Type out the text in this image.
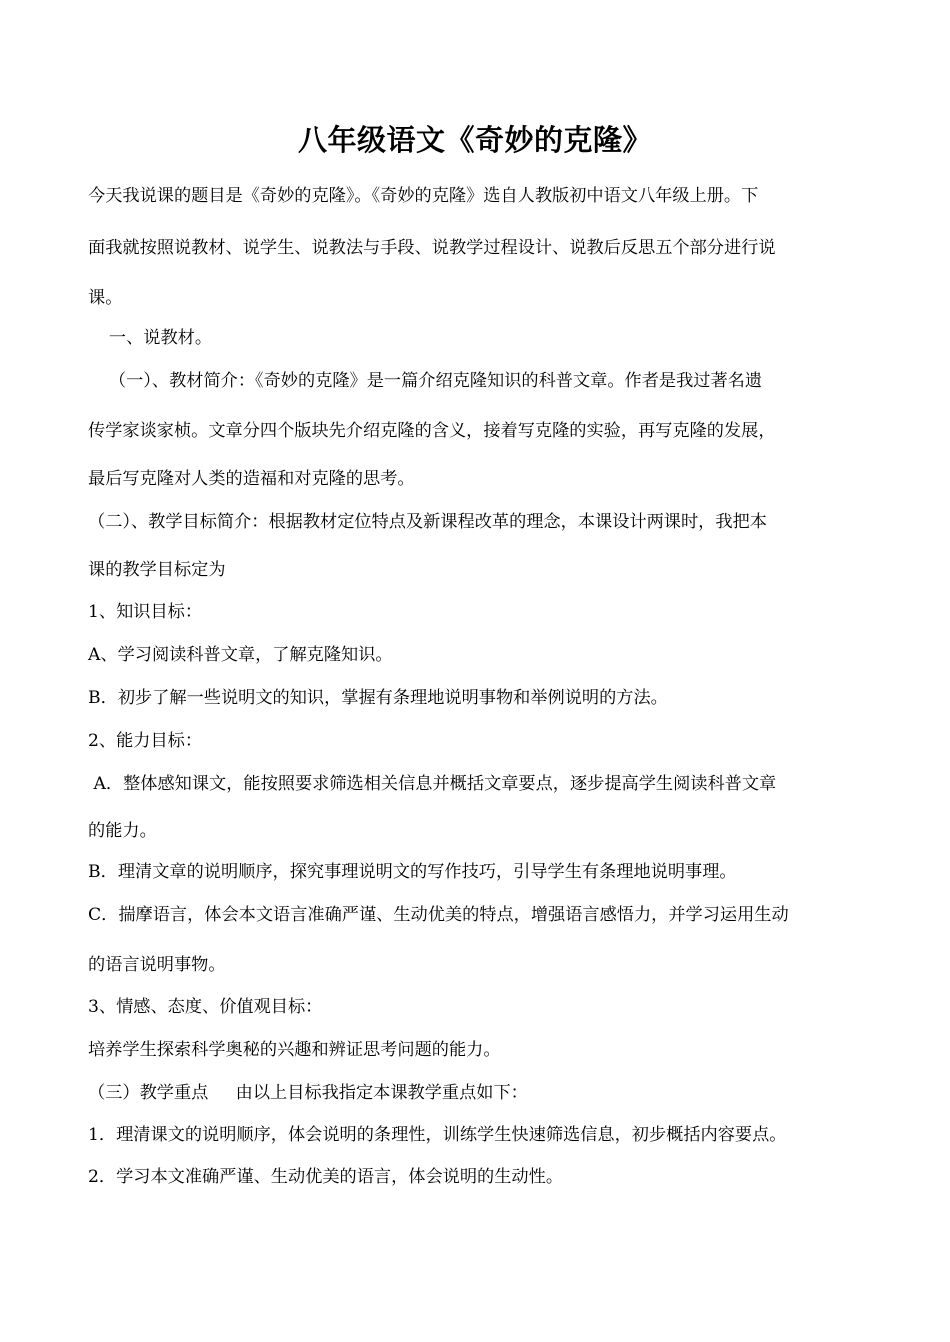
八年级语文《奇妙的克隆》
今天我说课的题目是《奇妙的克隆》。《奇妙的克隆》选自人教版初中语文八年级上册。下
面我就按照说教材、说学生、说教法与手段、说教学过程设计、说教后反思五个部分进行说
课。
一、说教材。
（一）、教材简介：《奇妙的克隆》是一篇介绍克隆知识的科普文章。作者是我过著名遗
传学家谈家桢。文章分四个版块先介绍克隆的含义，接着写克隆的实验，再写克隆的发展，
最后写克隆对人类的造福和对克隆的思考。
（二）、教学目标简介：根据教材定位特点及新课程改革的理念，本课设计两课时，我把本
课的教学目标定为
1、知识目标：
A、学习阅读科普文章，了解克隆知识。
B．初步了解一些说明文的知识，掌握有条理地说明事物和举例说明的方法。
2、能力目标：
A．整体感知课文，能按照要求筛选相关信息并概括文章要点，逐步提高学生阅读科普文章
的能力。
B．理清文章的说明顺序，探究事理说明文的写作技巧，引导学生有条理地说明事理。
C．揣摩语言，体会本文语言准确严谨、生动优美的特点，增强语言感悟力，并学习运用生动
的语言说明事物。
3、情感、态度、价值观目标：
培养学生探索科学奥秘的兴趣和辨证思考问题的能力。
（三）教学重点     由以上目标我指定本课教学重点如下：
1．理清课文的说明顺序，体会说明的条理性，训练学生快速筛选信息，初步概括内容要点。
2．学习本文准确严谨、生动优美的语言，体会说明的生动性。
